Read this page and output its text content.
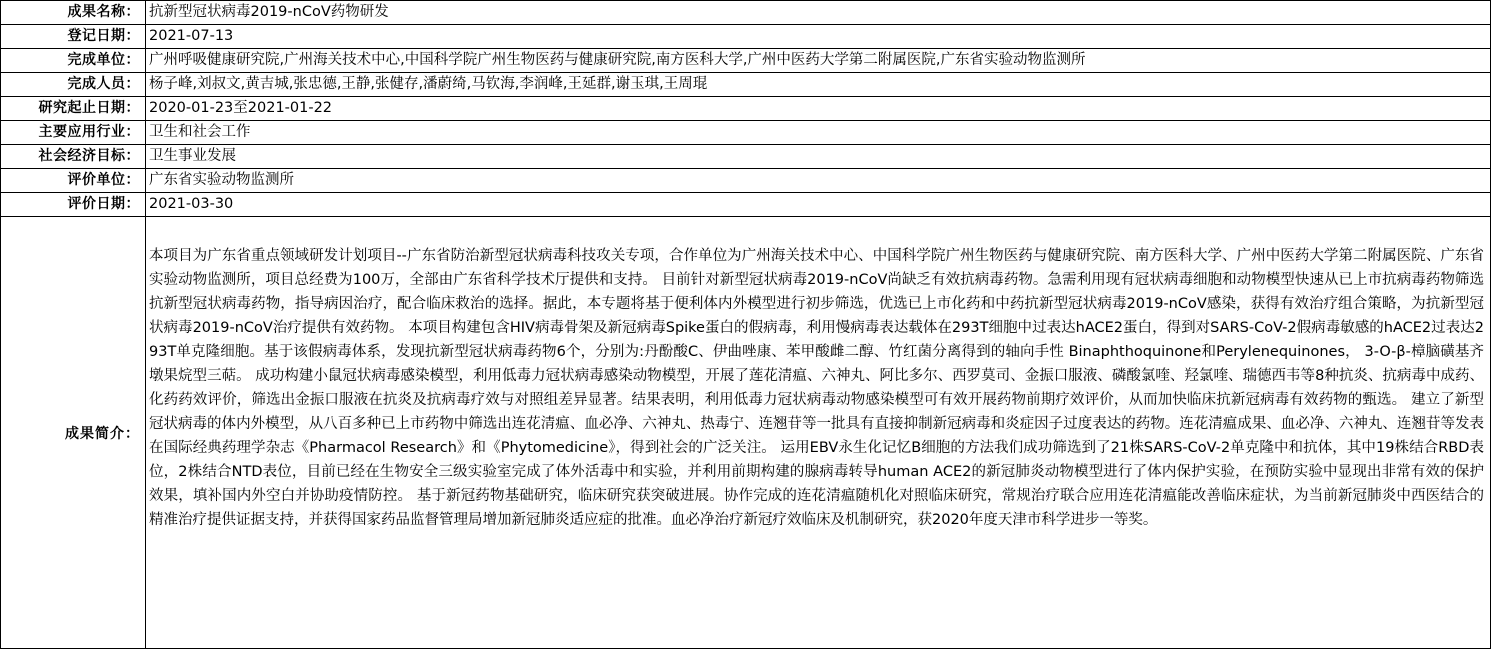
成果名称：	抗新型冠状病毒2019-nCoV药物研发
登记日期：	2021-07-13
完成单位：	广州呼吸健康研究院,广州海关技术中心,中国科学院广州生物医药与健康研究院,南方医科大学,广州中医药大学第二附属医院,广东省实验动物监测所
完成人员：	杨子峰,刘叔文,黄吉城,张忠德,王静,张健存,潘蔚绮,马钦海,李润峰,王延群,谢玉琪,王周琨
研究起止日期：	2020-01-23至2021-01-22
主要应用行业：	卫生和社会工作
社会经济目标：	卫生事业发展
评价单位：	广东省实验动物监测所
评价日期：	2021-03-30
成果简介：	本项目为广东省重点领域研发计划项目--广东省防治新型冠状病毒科技攻关专项，合作单位为广州海关技术中心、中国科学院广州生物医药与健康研究院、南方医科大学、广州中医药大学第二附属医院、广东省实验动物监测所，项目总经费为100万，全部由广东省科学技术厅提供和支持。 目前针对新型冠状病毒2019-nCoV尚缺乏有效抗病毒药物。急需利用现有冠状病毒细胞和动物模型快速从已上市抗病毒药物筛选抗新型冠状病毒药物，指导病因治疗，配合临床救治的选择。据此，本专题将基于便利体内外模型进行初步筛选，优选已上市化药和中药抗新型冠状病毒2019-nCoV感染，获得有效治疗组合策略，为抗新型冠状病毒2019-nCoV治疗提供有效药物。 本项目构建包含HIV病毒骨架及新冠病毒Spike蛋白的假病毒，利用慢病毒表达载体在293T细胞中过表达hACE2蛋白，得到对SARS-CoV-2假病毒敏感的hACE2过表达293T单克隆细胞。基于该假病毒体系，发现抗新型冠状病毒药物6个，分别为:丹酚酸C、伊曲唑康、苯甲酸雌二醇、竹红菌分离得到的轴向手性 Binaphthoquinone和Perylenequinones， 3-O-β-樟脑磺基齐墩果烷型三萜。 成功构建小鼠冠状病毒感染模型，利用低毒力冠状病毒感染动物模型，开展了莲花清瘟、六神丸、阿比多尔、西罗莫司、金振口服液、磷酸氯喹、羟氯喹、瑞德西韦等8种抗炎、抗病毒中成药、化药药效评价，筛选出金振口服液在抗炎及抗病毒疗效与对照组差异显著。结果表明，利用低毒力冠状病毒动物感染模型可有效开展药物前期疗效评价，从而加快临床抗新冠病毒有效药物的甄选。 建立了新型冠状病毒的体内外模型，从八百多种已上市药物中筛选出连花清瘟、血必净、六神丸、热毒宁、连翘苷等一批具有直接抑制新冠病毒和炎症因子过度表达的药物。连花清瘟成果、血必净、六神丸、连翘苷等发表在国际经典药理学杂志《Pharmacol Research》和《Phytomedicine》，得到社会的广泛关注。 运用EBV永生化记忆B细胞的方法我们成功筛选到了21株SARS-CoV-2单克隆中和抗体，其中19株结合RBD表位，2株结合NTD表位，目前已经在生物安全三级实验室完成了体外活毒中和实验，并利用前期构建的腺病毒转导human ACE2的新冠肺炎动物模型进行了体内保护实验，在预防实验中显现出非常有效的保护效果，填补国内外空白并协助疫情防控。 基于新冠药物基础研究，临床研究获突破进展。协作完成的连花清瘟随机化对照临床研究，常规治疗联合应用连花清瘟能改善临床症状，为当前新冠肺炎中西医结合的精准治疗提供证据支持，并获得国家药品监督管理局增加新冠肺炎适应症的批准。血必净治疗新冠疗效临床及机制研究，获2020年度天津市科学进步一等奖。
